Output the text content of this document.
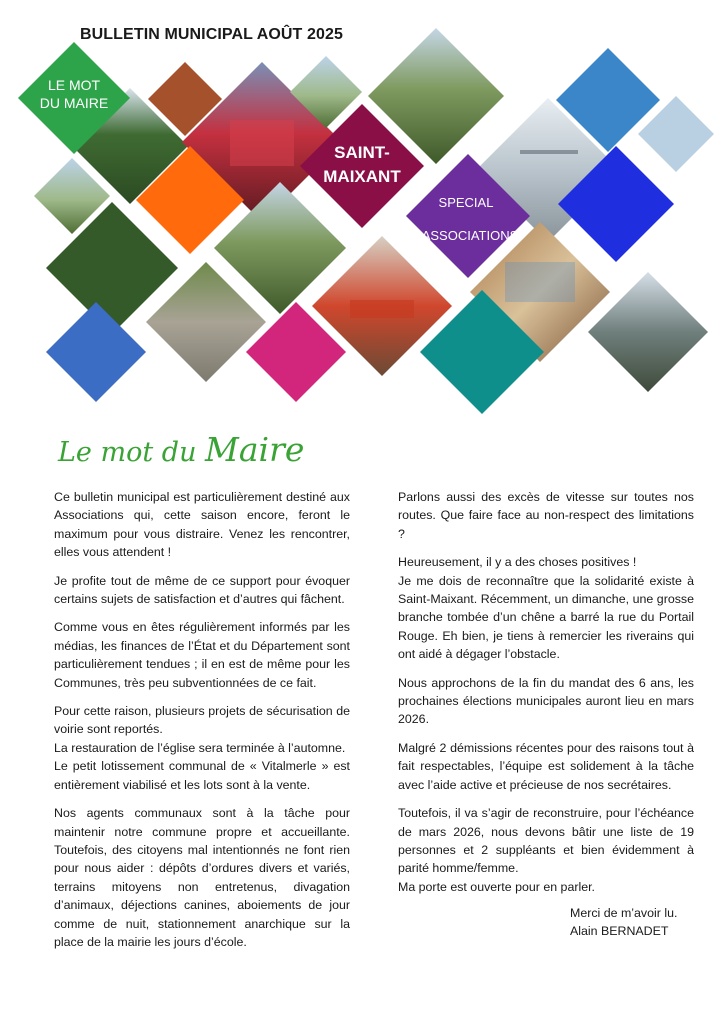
BULLETIN MUNICIPAL AOÛT 2025
LE MOT
DU MAIRE
SAINT-
MAIXANT
SPECIAL
ASSOCIATIONS
Le mot du Maire

Ce bulletin municipal est particulièrement destiné aux Associations qui, cette saison encore, feront le maximum pour vous distraire. Venez les rencontrer, elles vous attendent !

Je profite tout de même de ce support pour évoquer certains sujets de satisfaction et d’autres qui fâchent.

Comme vous en êtes régulièrement informés par les médias, les finances de l’État et du Département sont particulièrement tendues ; il en est de même pour les Communes, très peu subventionnées de ce fait.

Pour cette raison, plusieurs projets de sécurisation de voirie sont reportés.

La restauration de l’église sera terminée à l’automne.

Le petit lotissement communal de « Vitalmerle » est entièrement viabilisé et les lots sont à la vente.

Nos agents communaux sont à la tâche pour maintenir notre commune propre et accueillante. Toutefois, des citoyens mal intentionnés ne font rien pour nous aider : dépôts d’ordures divers et variés, terrains mitoyens non entretenus, divagation d’animaux, déjections canines, aboiements de jour comme de nuit, stationnement anarchique sur la place de la mairie les jours d’école.

Parlons aussi des excès de vitesse sur toutes nos routes. Que faire face au non-respect des limitations ?

Heureusement, il y a des choses positives !

Je me dois de reconnaître que la solidarité existe à Saint-Maixant. Récemment, un dimanche, une grosse branche tombée d’un chêne a barré la rue du Portail Rouge. Eh bien, je tiens à remercier les riverains qui ont aidé à dégager l’obstacle.

Nous approchons de la fin du mandat des 6 ans, les prochaines élections municipales auront lieu en mars 2026.

Malgré 2 démissions récentes pour des raisons tout à fait respectables, l’équipe est solidement à la tâche avec l’aide active et précieuse de nos secrétaires.

Toutefois, il va s’agir de reconstruire, pour l’échéance de mars 2026, nous devons bâtir une liste de 19 personnes et 2 suppléants et bien évidemment à parité homme/femme.

Ma porte est ouverte pour en parler.

Merci de m’avoir lu.
Alain BERNADET
